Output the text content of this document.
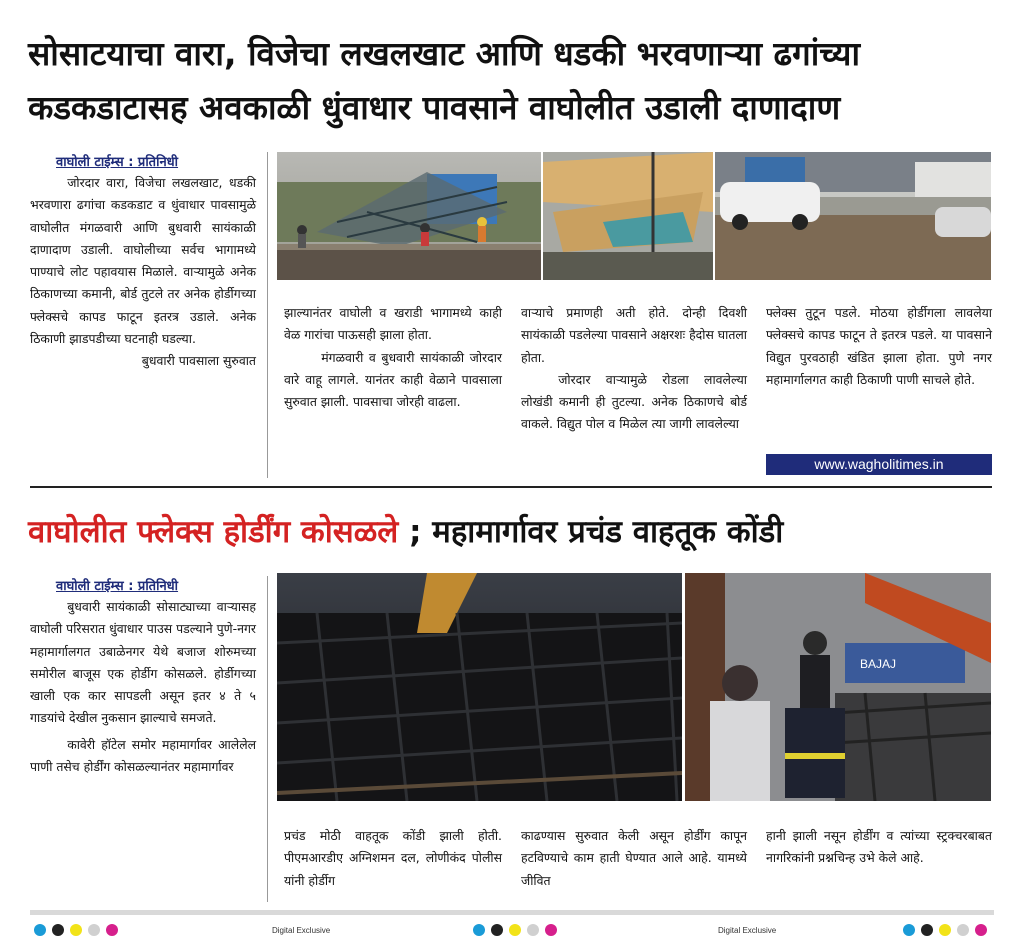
सोसाटयाचा वारा, विजेचा लखलखाट आणि धडकी भरवणाऱ्या ढगांच्या
कडकडाटासह अवकाळी धुंवाधार पावसाने वाघोलीत उडाली दाणादाण
वाघोली टाईम्स : प्रतिनिधी

जोरदार वारा, विजेचा लखलखाट, धडकी भरवणारा ढगांचा कडकडाट व धुंवाधार पावसामुळे वाघोलीत मंगळवारी आणि बुधवारी सायंकाळी दाणादाण उडाली. वाघोलीच्या सर्वच भागामध्ये पाण्याचे लोट पहावयास मिळाले. वाऱ्यामुळे अनेक ठिकाणच्या कमानी, बोर्ड तुटले तर अनेक होर्डीगच्या फ्लेक्सचे कापड फाटून इतरत्र उडाले. अनेक ठिकाणी झाडपडीच्या घटनाही घडल्या.

बुधवारी पावसाला सुरुवात

झाल्यानंतर वाघोली व खराडी भागामध्ये काही वेळ गारांचा पाऊसही झाला होता.

मंगळवारी व बुधवारी सायंकाळी जोरदार वारे वाहू लागले. यानंतर काही वेळाने पावसाला सुरुवात झाली. पावसाचा जोरही वाढला.

वाऱ्याचे प्रमाणही अती होते. दोन्ही दिवशी सायंकाळी पडलेल्या पावसाने अक्षरशः हैदोस घातला होता.

जोरदार वाऱ्यामुळे रोडला लावलेल्या लोखंडी कमानी ही तुटल्या. अनेक ठिकाणचे बोर्ड वाकले. विद्युत पोल व मिळेल त्या जागी लावलेल्या

फ्लेक्स तुटून पडले. मोठया होर्डीगला लावलेया फ्लेक्सचे कापड फाटून ते इतरत्र पडले. या पावसाने विद्युत पुरवठाही खंडित झाला होता. पुणे नगर महामार्गालगत काही ठिकाणी पाणी साचले होते.

www.wagholitimes.in
वाघोलीत फ्लेक्स होर्डींग कोसळले ; महामार्गावर प्रचंड वाहतूक कोंडी
वाघोली टाईम्स : प्रतिनिधी

बुधवारी सायंकाळी सोसाट्याच्या वाऱ्यासह वाघोली परिसरात धुंवाधार पाउस पडल्याने पुणे-नगर महामार्गालगत उबाळेनगर येथे बजाज शोरुमच्या समोरील बाजूस एक होर्डीग कोसळले. होर्डीगच्या खाली एक कार सापडली असून इतर ४ ते ५ गाडयांचे देखील नुकसान झाल्याचे समजते.

कावेरी हॉटेल समोर महामार्गावर आलेलेल पाणी तसेच होर्डींग कोसळल्यानंतर महामार्गावर

BAJAJ

प्रचंड मोठी वाहतूक कोंडी झाली होती. पीएमआरडीए अग्निशमन दल, लोणीकंद पोलीस यांनी होर्डीग

काढण्यास सुरुवात केली असून होर्डींग कापून हटविण्याचे काम हाती घेण्यात आले आहे. यामध्ये जीवित

हानी झाली नसून होर्डींग व त्यांच्या स्ट्रक्चरबाबत नागरिकांनी प्रश्नचिन्ह उभे केले आहे.

Digital Exclusive	Digital Exclusive
